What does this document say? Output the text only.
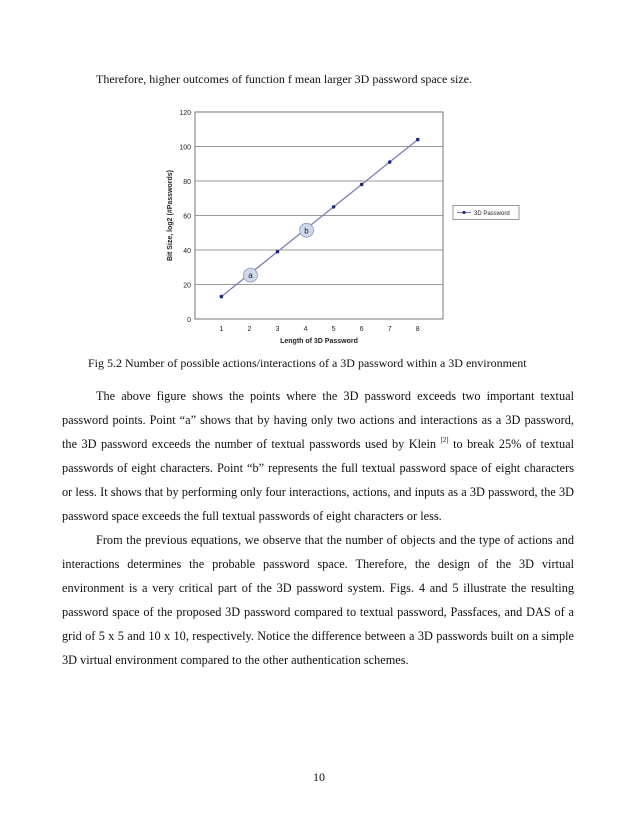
Therefore, higher outcomes of function f mean larger 3D password space size.

0
20
40
60
80
100
120
1	2	3	4	5	6	7	8
Length of 3D Password
Bit Size, log2 (#Passwords)
a
b
3D Password

Fig 5.2 Number of possible actions/interactions of a 3D password within a 3D environment

The above figure shows the points where the 3D password exceeds two important textual password points. Point “a” shows that by having only two actions and interactions as a 3D password, the 3D password exceeds the number of textual passwords used by Klein [2] to break 25% of textual passwords of eight characters. Point “b” represents the full textual password space of eight characters or less. It shows that by performing only four interactions, actions, and inputs as a 3D password, the 3D password space exceeds the full textual passwords of eight characters or less.

From the previous equations, we observe that the number of objects and the type of actions and interactions determines the probable password space. Therefore, the design of the 3D virtual environment is a very critical part of the 3D password system. Figs. 4 and 5 illustrate the resulting password space of the proposed 3D password compared to textual password, Passfaces, and DAS of a grid of 5 x 5 and 10 x 10, respectively. Notice the difference between a 3D passwords built on a simple 3D virtual environment compared to the other authentication schemes.

10
